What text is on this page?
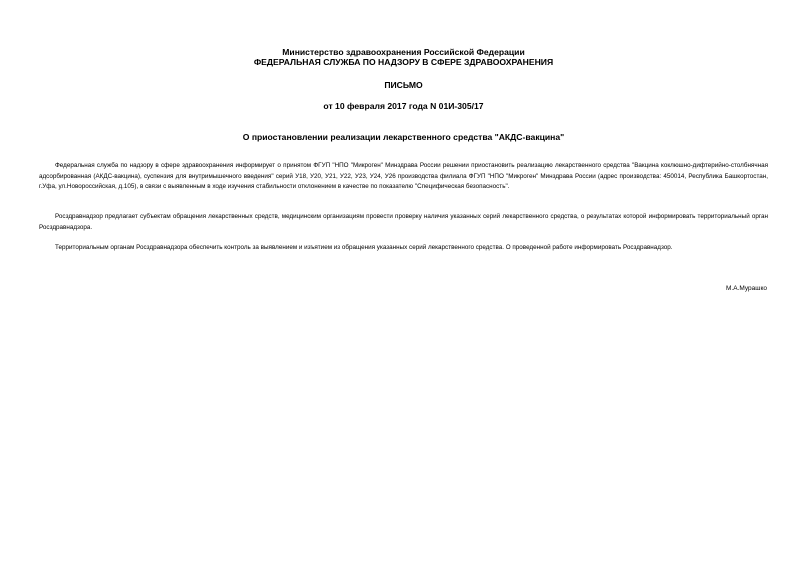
Министерство здравоохранения Российской Федерации
ФЕДЕРАЛЬНАЯ СЛУЖБА ПО НАДЗОРУ В СФЕРЕ ЗДРАВООХРАНЕНИЯ
ПИСЬМО
от 10 февраля 2017 года N 01И-305/17
О приостановлении реализации лекарственного средства "АКДС-вакцина"
Федеральная служба по надзору в сфере здравоохранения информирует о принятом ФГУП "НПО "Микроген" Минздрава России решении приостановить реализацию лекарственного средства "Вакцина коклюшно-дифтерийно-столбнячная адсорбированная (АКДС-вакцина), суспензия для внутримышечного введения" серий У18, У20, У21, У22, У23, У24, У26 производства филиала ФГУП "НПО "Микроген" Минздрава России (адрес производства: 450014, Республика Башкортостан, г.Уфа, ул.Новороссийская, д.105), в связи с выявленным в ходе изучения стабильности отклонением в качестве по показателю "Специфическая безопасность".
Росздравнадзор предлагает субъектам обращения лекарственных средств, медицинским организациям провести проверку наличия указанных серий лекарственного средства, о результатах которой информировать территориальный орган Росздравнадзора.
Территориальным органам Росздравнадзора обеспечить контроль за выявлением и изъятием из обращения указанных серий лекарственного средства. О проведенной работе информировать Росздравнадзор.
М.А.Мурашко
